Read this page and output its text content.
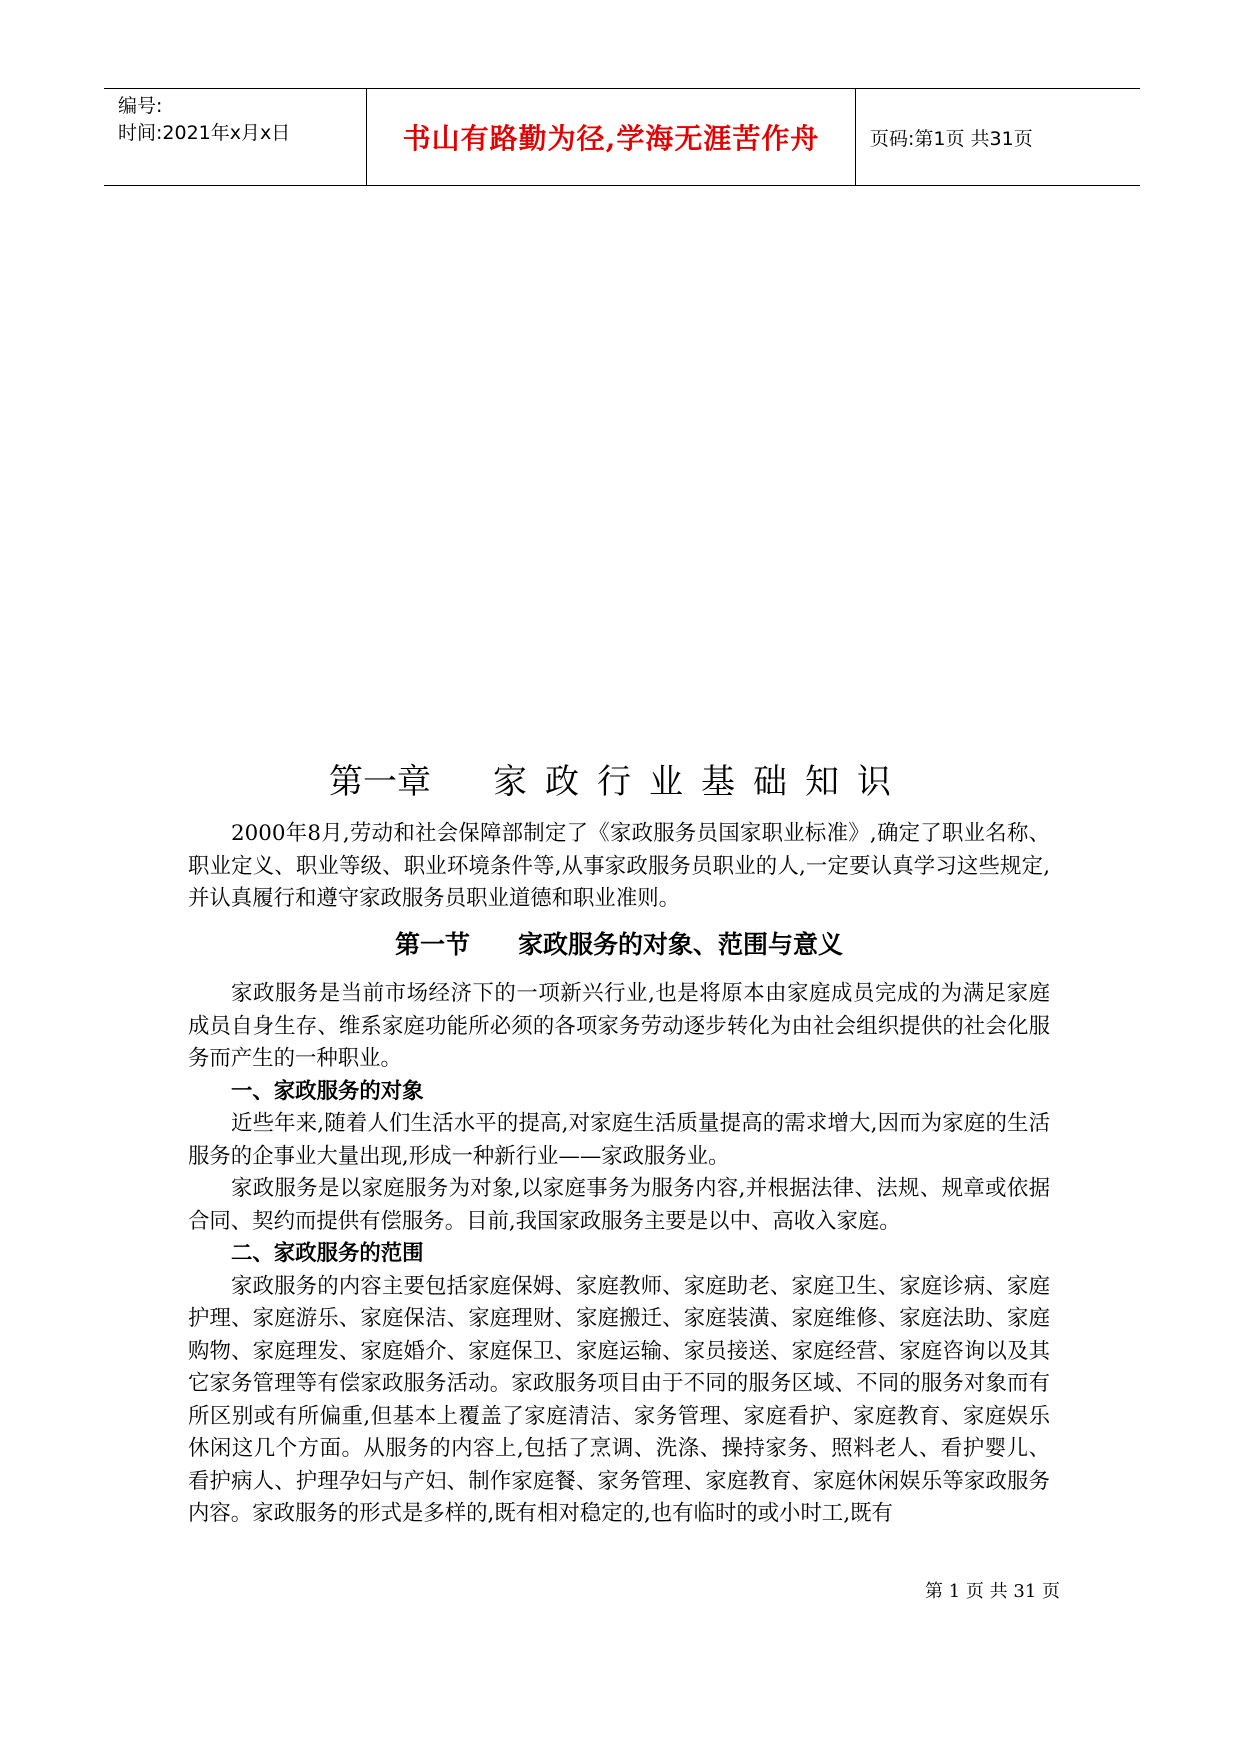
编号:
时间:2021年x月x日	书山有路勤为径,学海无涯苦作舟	页码:第1页 共31页
第一章 家政行业基础知识

2000年8月,劳动和社会保障部制定了《家政服务员国家职业标准》,确定了职业名称、职业定义、职业等级、职业环境条件等,从事家政服务员职业的人,一定要认真学习这些规定,并认真履行和遵守家政服务员职业道德和职业准则。

第一节 家政服务的对象、范围与意义

家政服务是当前市场经济下的一项新兴行业,也是将原本由家庭成员完成的为满足家庭成员自身生存、维系家庭功能所必须的各项家务劳动逐步转化为由社会组织提供的社会化服务而产生的一种职业。

一、家政服务的对象

近些年来,随着人们生活水平的提高,对家庭生活质量提高的需求增大,因而为家庭的生活服务的企事业大量出现,形成一种新行业——家政服务业。

家政服务是以家庭服务为对象,以家庭事务为服务内容,并根据法律、法规、规章或依据合同、契约而提供有偿服务。目前,我国家政服务主要是以中、高收入家庭。

二、家政服务的范围

家政服务的内容主要包括家庭保姆、家庭教师、家庭助老、家庭卫生、家庭诊病、家庭护理、家庭游乐、家庭保洁、家庭理财、家庭搬迁、家庭装潢、家庭维修、家庭法助、家庭购物、家庭理发、家庭婚介、家庭保卫、家庭运输、家员接送、家庭经营、家庭咨询以及其它家务管理等有偿家政服务活动。家政服务项目由于不同的服务区域、不同的服务对象而有所区别或有所偏重,但基本上覆盖了家庭清洁、家务管理、家庭看护、家庭教育、家庭娱乐休闲这几个方面。从服务的内容上,包括了烹调、洗涤、操持家务、照料老人、看护婴儿、看护病人、护理孕妇与产妇、制作家庭餐、家务管理、家庭教育、家庭休闲娱乐等家政服务内容。家政服务的形式是多样的,既有相对稳定的,也有临时的或小时工,既有

第 1 页 共 31 页
